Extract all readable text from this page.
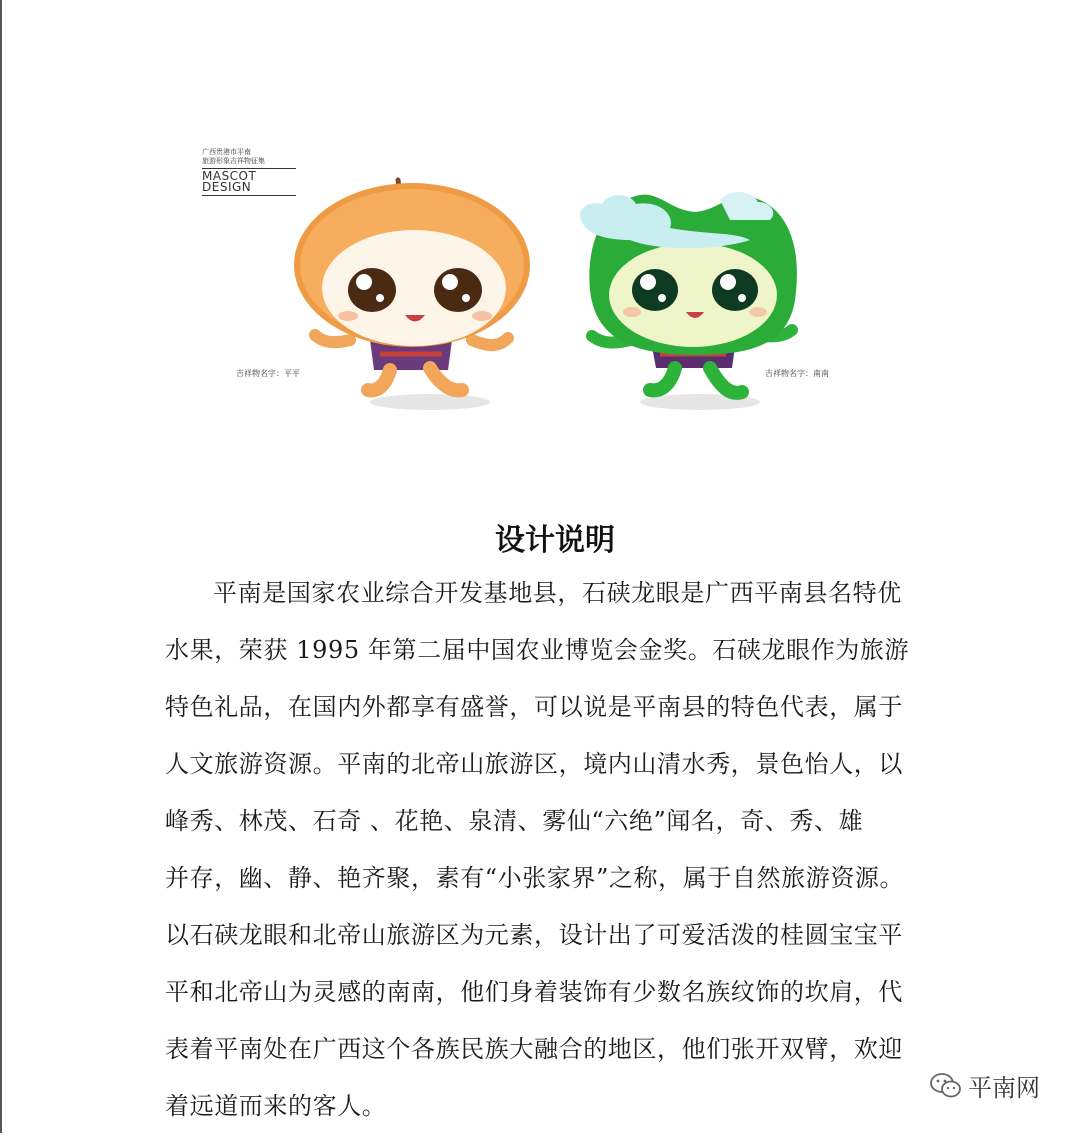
广西贵港市平南
旅游形象吉祥物征集
MASCOT
DESIGN
吉祥物名字：平平	吉祥物名字：南南
设计说明
平南是国家农业综合开发基地县，石硖龙眼是广西平南县名特优
水果，荣获 1995 年第二届中国农业博览会金奖。石硖龙眼作为旅游
特色礼品，在国内外都享有盛誉，可以说是平南县的特色代表，属于
人文旅游资源。平南的北帝山旅游区，境内山清水秀，景色怡人，以
峰秀、林茂、石奇 、花艳、泉清、雾仙“六绝”闻名，奇、秀、雄
并存，幽、静、艳齐聚，素有“小张家界”之称，属于自然旅游资源。
以石硖龙眼和北帝山旅游区为元素，设计出了可爱活泼的桂圆宝宝平
平和北帝山为灵感的南南，他们身着装饰有少数名族纹饰的坎肩，代
表着平南处在广西这个各族民族大融合的地区，他们张开双臂，欢迎
着远道而来的客人。
平南网
